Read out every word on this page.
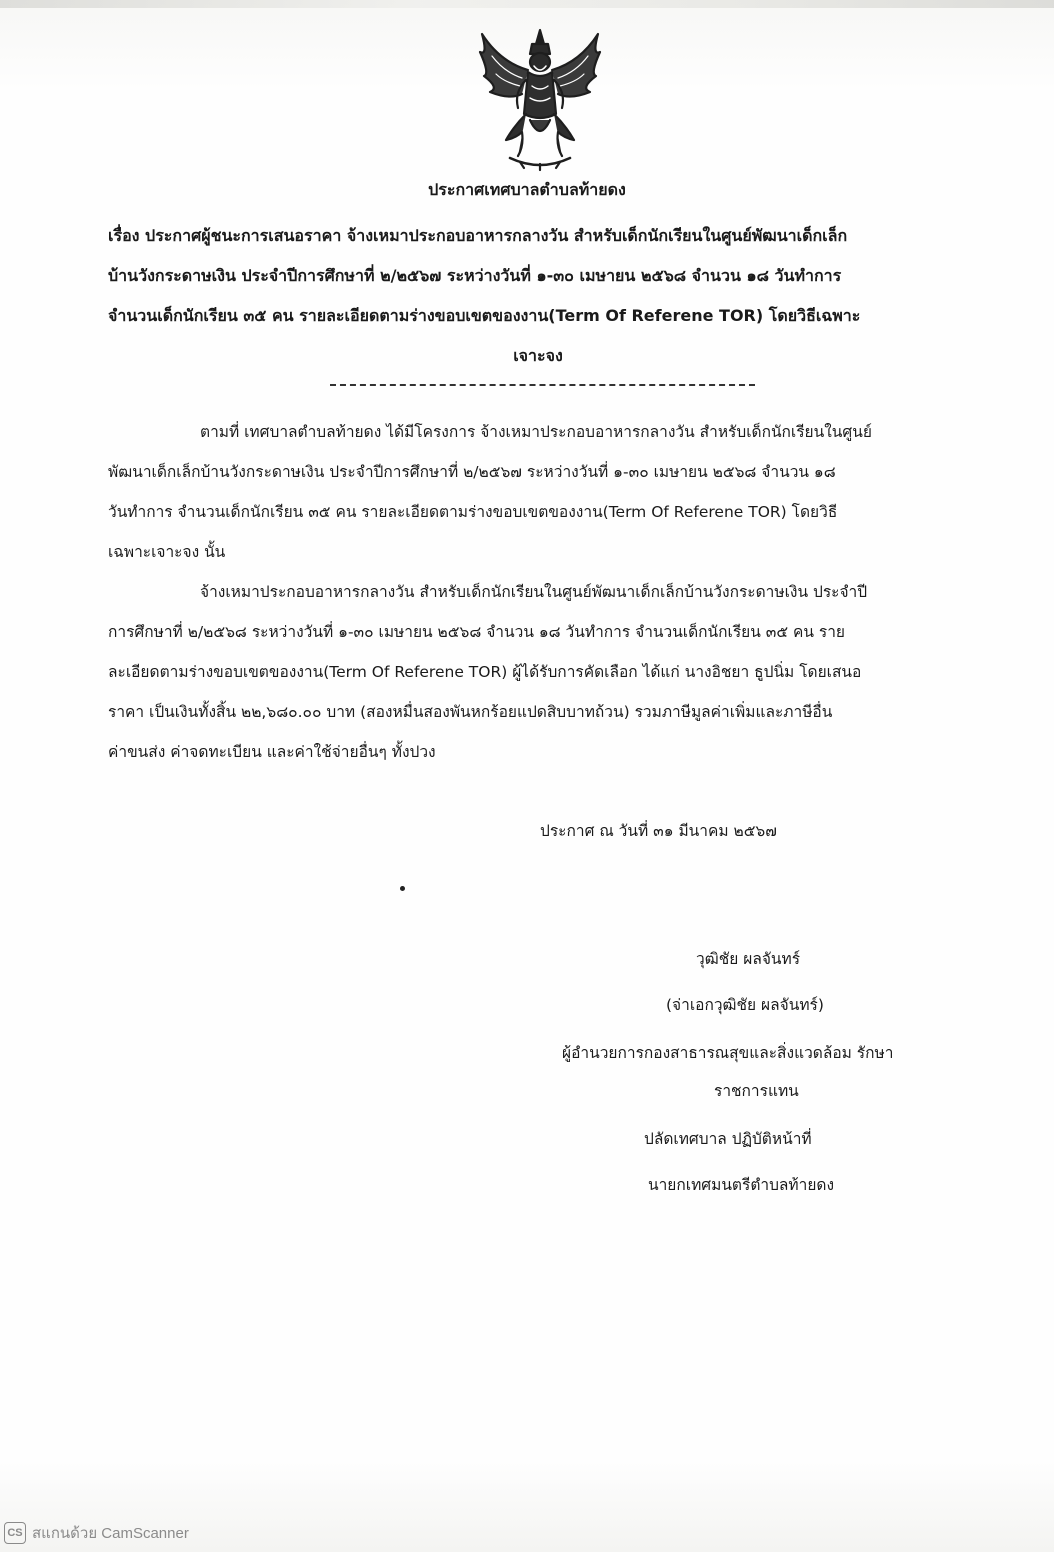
ประกาศเทศบาลตำบลท้ายดง
เรื่อง ประกาศผู้ชนะการเสนอราคา จ้างเหมาประกอบอาหารกลางวัน สำหรับเด็กนักเรียนในศูนย์พัฒนาเด็กเล็ก
บ้านวังกระดาษเงิน ประจำปีการศึกษาที่ ๒/๒๕๖๗ ระหว่างวันที่ ๑-๓๐ เมษายน ๒๕๖๘ จำนวน ๑๘ วันทำการ
จำนวนเด็กนักเรียน ๓๕ คน รายละเอียดตามร่างขอบเขตของงาน(Term Of Referene TOR) โดยวิธีเฉพาะ
เจาะจง
ตามที่ เทศบาลตำบลท้ายดง ได้มีโครงการ จ้างเหมาประกอบอาหารกลางวัน สำหรับเด็กนักเรียนในศูนย์
พัฒนาเด็กเล็กบ้านวังกระดาษเงิน ประจำปีการศึกษาที่ ๒/๒๕๖๗ ระหว่างวันที่ ๑-๓๐ เมษายน ๒๕๖๘ จำนวน ๑๘
วันทำการ จำนวนเด็กนักเรียน ๓๕ คน รายละเอียดตามร่างขอบเขตของงาน(Term Of Referene TOR) โดยวิธี
เฉพาะเจาะจง นั้น
จ้างเหมาประกอบอาหารกลางวัน สำหรับเด็กนักเรียนในศูนย์พัฒนาเด็กเล็กบ้านวังกระดาษเงิน ประจำปี
การศึกษาที่ ๒/๒๕๖๘ ระหว่างวันที่ ๑-๓๐ เมษายน ๒๕๖๘ จำนวน ๑๘ วันทำการ จำนวนเด็กนักเรียน ๓๕ คน ราย
ละเอียดตามร่างขอบเขตของงาน(Term Of Referene TOR) ผู้ได้รับการคัดเลือก ได้แก่ นางอิชยา ธูปนิ่ม โดยเสนอ
ราคา เป็นเงินทั้งสิ้น ๒๒,๖๘๐.๐๐ บาท (สองหมื่นสองพันหกร้อยแปดสิบบาทถ้วน) รวมภาษีมูลค่าเพิ่มและภาษีอื่น
ค่าขนส่ง ค่าจดทะเบียน และค่าใช้จ่ายอื่นๆ ทั้งปวง
ประกาศ ณ วันที่ ๓๑ มีนาคม ๒๕๖๗
วุฒิชัย ผลจันทร์
(จ่าเอกวุฒิชัย ผลจันทร์)
ผู้อำนวยการกองสาธารณสุขและสิ่งแวดล้อม รักษา
ราชการแทน
ปลัดเทศบาล ปฏิบัติหน้าที่
นายกเทศมนตรีตำบลท้ายดง
CS สแกนด้วย CamScanner
